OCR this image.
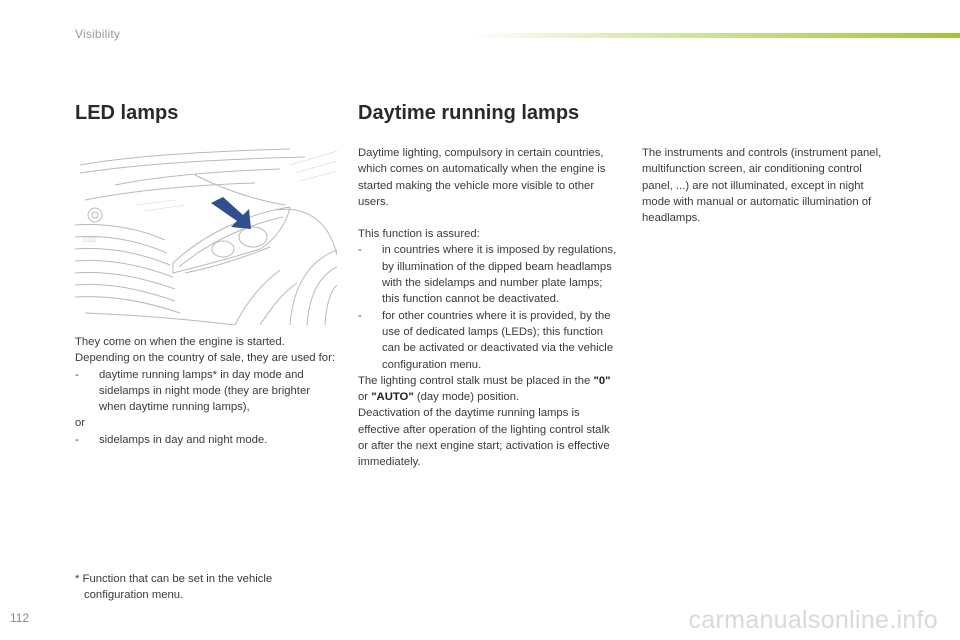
Visibility
LED lamps
▯▯▯▯

They come on when the engine is started. Depending on the country of sale, they are used for:

- daytime running lamps* in day mode and sidelamps in night mode (they are brighter when daytime running lamps),

or

- sidelamps in day and night mode.

* Function that can be set in the vehicle
configuration menu.
Daytime running lamps

Daytime lighting, compulsory in certain countries, which comes on automatically when the engine is started making the vehicle more visible to other users.

This function is assured:

- in countries where it is imposed by regulations,
by illumination of the dipped beam headlamps with the sidelamps and number plate lamps; this function cannot be deactivated.

- for other countries where it is provided, by the use of dedicated lamps (LEDs); this function can be activated or deactivated via the vehicle configuration menu.

The lighting control stalk must be placed in the "0" or "AUTO" (day mode) position.

Deactivation of the daytime running lamps is effective after operation of the lighting control stalk or after the next engine start; activation is effective immediately.

The instruments and controls (instrument panel, multifunction screen, air conditioning control panel, ...) are not illuminated, except in night mode with manual or automatic illumination of headlamps.

112	carmanualsonline.info
